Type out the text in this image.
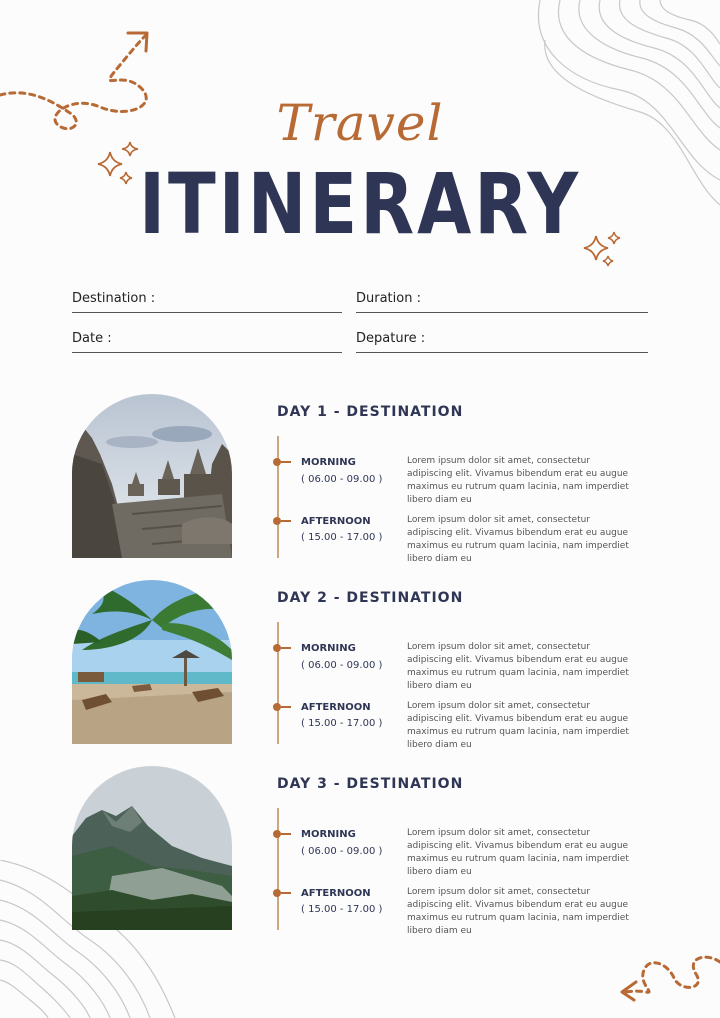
Travel
ITINERARY
Destination :	Duration :
Date :	Depature :
DAY 1 - DESTINATION
MORNING
( 06.00 - 09.00 )
Lorem ipsum dolor sit amet, consectetur adipiscing elit. Vivamus bibendum erat eu augue maximus eu rutrum quam lacinia, nam imperdiet libero diam eu
AFTERNOON
( 15.00 - 17.00 )
Lorem ipsum dolor sit amet, consectetur adipiscing elit. Vivamus bibendum erat eu augue maximus eu rutrum quam lacinia, nam imperdiet libero diam eu
DAY 2 - DESTINATION
MORNING
( 06.00 - 09.00 )
Lorem ipsum dolor sit amet, consectetur adipiscing elit. Vivamus bibendum erat eu augue maximus eu rutrum quam lacinia, nam imperdiet libero diam eu
AFTERNOON
( 15.00 - 17.00 )
Lorem ipsum dolor sit amet, consectetur adipiscing elit. Vivamus bibendum erat eu augue maximus eu rutrum quam lacinia, nam imperdiet libero diam eu
DAY 3 - DESTINATION
MORNING
( 06.00 - 09.00 )
Lorem ipsum dolor sit amet, consectetur adipiscing elit. Vivamus bibendum erat eu augue maximus eu rutrum quam lacinia, nam imperdiet libero diam eu
AFTERNOON
( 15.00 - 17.00 )
Lorem ipsum dolor sit amet, consectetur adipiscing elit. Vivamus bibendum erat eu augue maximus eu rutrum quam lacinia, nam imperdiet libero diam eu
